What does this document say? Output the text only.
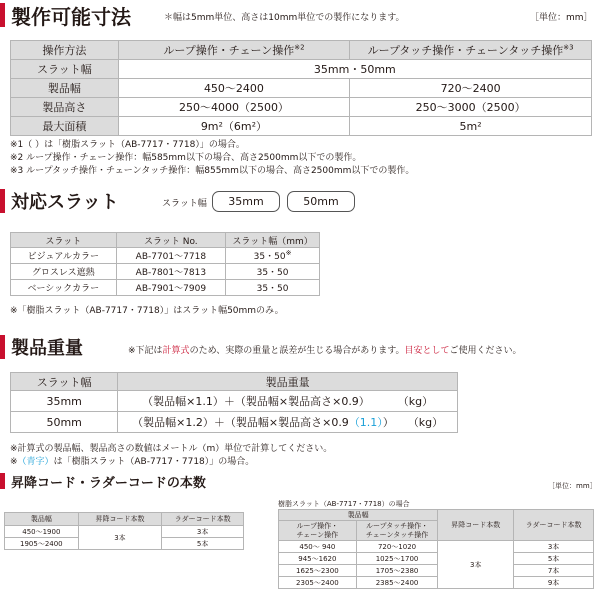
製作可能寸法	＊幅は5mm単位、高さは10mm単位での製作になります。	［単位：mm］
操作方法	ループ操作・チェーン操作$^{※2}$	ループタッチ操作・チェーンタッチ操作$^{※3}$
スラット幅	35mm・50mm	
製品幅	450～2400	720～2400
製品高さ	250～4000（2500）	250～3000（2500）
最大面積	9m²（6m²）	5m²
※1（ ）は「樹脂スラット（AB-7717・7718）」の場合。
※2 ループ操作・チェーン操作：幅585mm以下の場合、高さ2500mm以下での製作。
※3 ループタッチ操作・チェーンタッチ操作：幅855mm以下の場合、高さ2500mm以下での製作。
対応スラット	スラット幅	35mm	50mm
スラット	スラット No.	スラット幅（mm）
ビジュアルカラー	AB-7701～7718	35・50※
グロスレス遮熱	AB-7801～7813	35・50
ベーシックカラー	AB-7901～7909	35・50
※「樹脂スラット（AB-7717・7718）」はスラット幅50mmのみ。
製品重量	※下記は計算式のため、実際の重量と誤差が生じる場合があります。目安としてご使用ください。
スラット幅	製品重量
35mm	（製品幅×1.1）＋（製品幅×製品高さ×0.9） （kg）
50mm	（製品幅×1.2）＋（製品幅×製品高さ×0.9（1.1）） （kg）
※計算式の製品幅、製品高さの数値はメートル（m）単位で計算してください。
※（青字）は「樹脂スラット（AB-7717・7718）」の場合。
昇降コード・ラダーコードの本数	［単位：mm］
樹脂スラット（AB-7717・7718）の場合
製品幅	昇降コード本数	ラダーコード本数
450～1900	3本	3本
1905～2400		5本
製品幅		昇降コード本数	ラダーコード本数
ループ操作・
チェーン操作	ループタッチ操作・
チェーンタッチ操作		
450～ 940	720～1020	3本	3本
945～1620	1025～1700		5本
1625～2300	1705～2380		7本
2305～2400	2385～2400		9本
